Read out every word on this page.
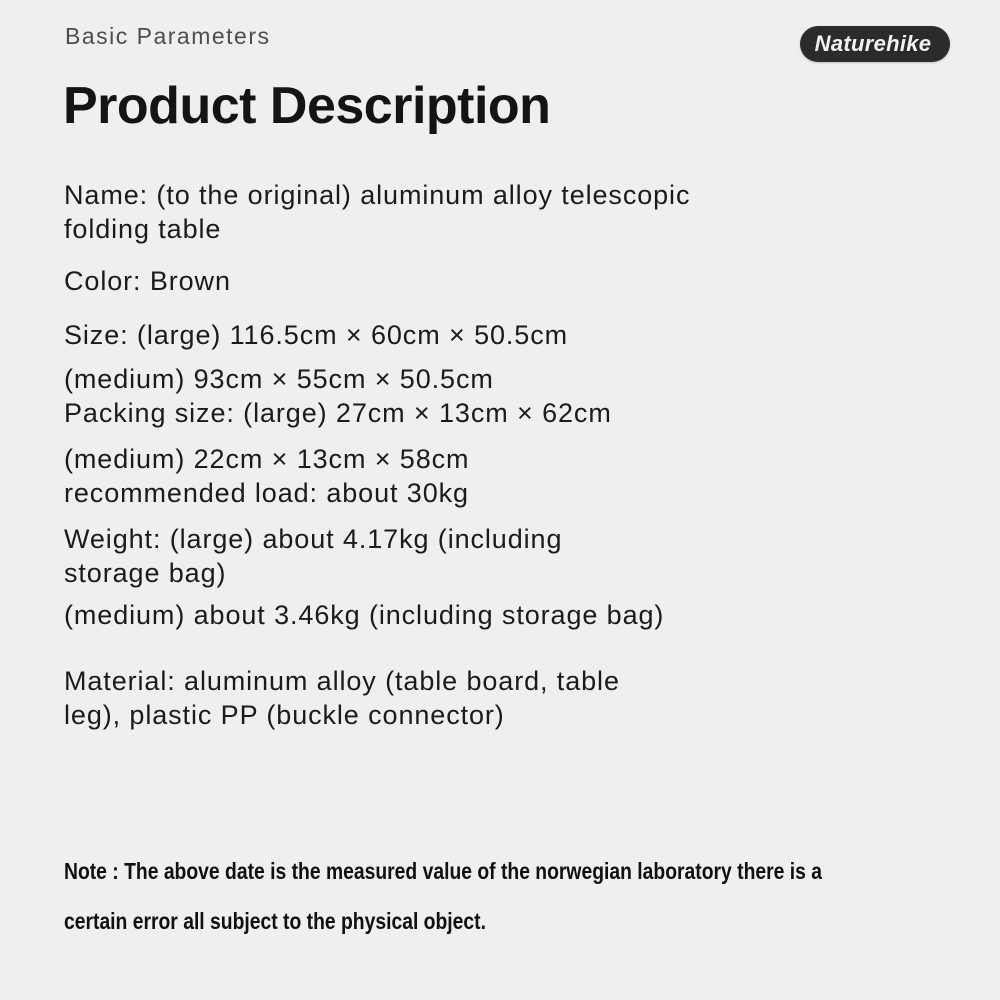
Basic Parameters	Naturehike
Product Description
Name: (to the original) aluminum alloy telescopic
folding table
Color: Brown
Size: (large) 116.5cm × 60cm × 50.5cm
(medium) 93cm × 55cm × 50.5cm
Packing size: (large) 27cm × 13cm × 62cm
(medium) 22cm × 13cm × 58cm
recommended load: about 30kg
Weight: (large) about 4.17kg (including
storage bag)
(medium) about 3.46kg (including storage bag)
Material: aluminum alloy (table board, table
leg), plastic PP (buckle connector)
Note : The above date is the measured value of the norwegian laboratory there is a
certain error all subject to the physical object.
